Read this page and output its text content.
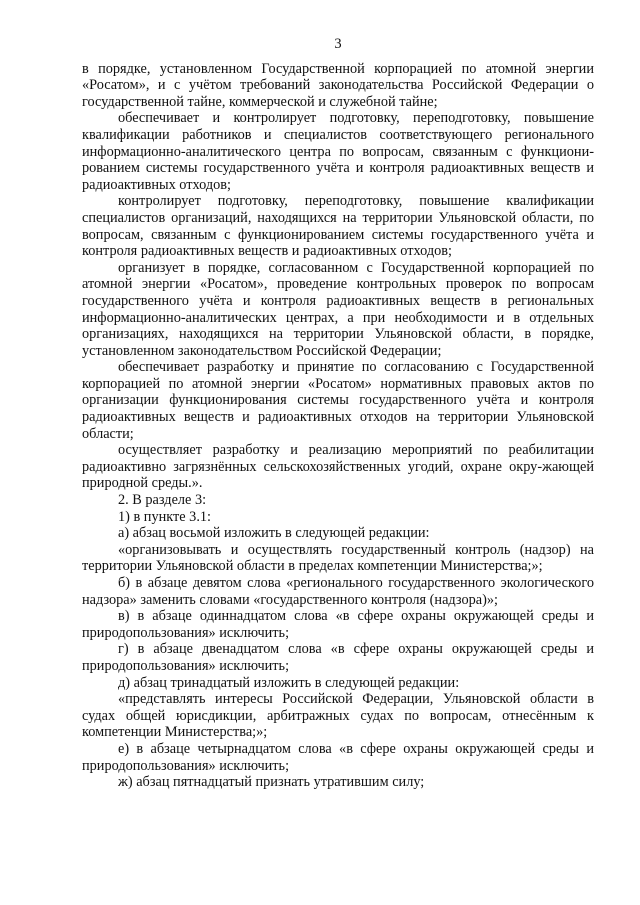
3

в порядке, установленном Государственной корпорацией по атомной энергии «Росатом», и с учётом требований законодательства Российской Федерации о государственной тайне, коммерческой и служебной тайне;

обеспечивает и контролирует подготовку, переподготовку, повышение квалификации работников и специалистов соответствующего регионального информационно-аналитического центра по вопросам, связанным с функциони-рованием системы государственного учёта и контроля радиоактивных веществ и радиоактивных отходов;

контролирует подготовку, переподготовку, повышение квалификации специалистов организаций, находящихся на территории Ульяновской области, по вопросам, связанным с функционированием системы государственного учёта и контроля радиоактивных веществ и радиоактивных отходов;

организует в порядке, согласованном с Государственной корпорацией по атомной энергии «Росатом», проведение контрольных проверок по вопросам государственного учёта и контроля радиоактивных веществ в региональных информационно-аналитических центрах, а при необходимости и в отдельных организациях, находящихся на территории Ульяновской области, в порядке, установленном законодательством Российской Федерации;

обеспечивает разработку и принятие по согласованию с Государственной корпорацией по атомной энергии «Росатом» нормативных правовых актов по организации функционирования системы государственного учёта и контроля радиоактивных веществ и радиоактивных отходов на территории Ульяновской области;

осуществляет разработку и реализацию мероприятий по реабилитации радиоактивно загрязнённых сельскохозяйственных угодий, охране окру-жающей природной среды.».

2. В разделе 3:

1) в пункте 3.1:

а) абзац восьмой изложить в следующей редакции:

«организовывать и осуществлять государственный контроль (надзор) на территории Ульяновской области в пределах компетенции Министерства;»;

б) в абзаце девятом слова «регионального государственного экологического надзора» заменить словами «государственного контроля (надзора)»;

в) в абзаце одиннадцатом слова «в сфере охраны окружающей среды и природопользования» исключить;

г) в абзаце двенадцатом слова «в сфере охраны окружающей среды и природопользования» исключить;

д) абзац тринадцатый изложить в следующей редакции:

«представлять интересы Российской Федерации, Ульяновской области в судах общей юрисдикции, арбитражных судах по вопросам, отнесённым к компетенции Министерства;»;

е) в абзаце четырнадцатом слова «в сфере охраны окружающей среды и природопользования» исключить;

ж) абзац пятнадцатый признать утратившим силу;
